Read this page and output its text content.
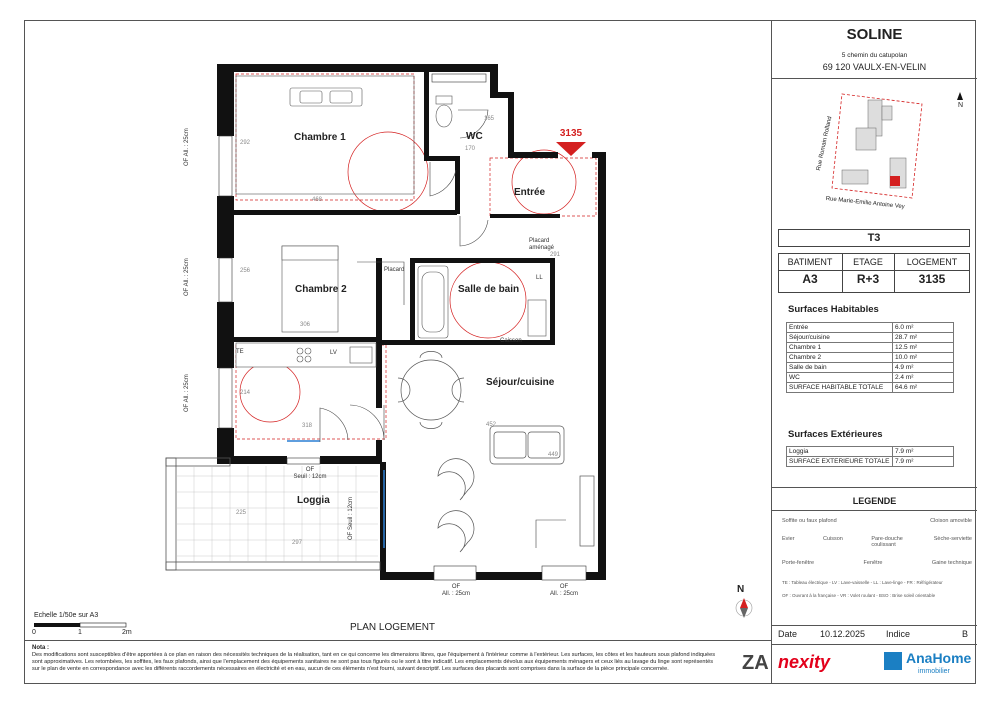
3135
Chambre 1	WC
Entrée
Chambre 2	Salle de bain
Séjour/cuisine
Loggia
Placard
Placard aménagé
Caisson
LL
LV
TE
OF All. : 25cm
OF All. : 25cm
OF All. : 25cm
OF
Seuil : 12cm
OF Seuil : 12cm
OF
All. : 25cm
OF
All. : 25cm
292
468
165
170
256
306
214
318	452
291
449
225
297
N
Echelle 1/50e sur A3
0	1	2m	PLAN LOGEMENT
Nota :
Des modifications sont susceptibles d'être apportées à ce plan en raison des nécessités techniques de la réalisation, tant en ce qui concerne les dimensions libres, que l'équipement à l'intérieur comme à l'extérieur. Les surfaces, les côtes et les hauteurs sous plafond indiquées sont approximatives. Les retombées, les soffites, les faux plafonds, ainsi que l'emplacement des équipements sanitaires ne sont pas tous figurés ou le sont à titre indicatif. Les emplacements dévolus aux équipements ménagers et ceux liés au lavage du linge sont représentés sur le plan de vente en correspondance avec les différents raccordements nécessaires en électricité et en eau, aucun de ces éléments n'est fourni, suivant descriptif. Les surfaces des placards sont comprises dans la surface de la pièce principale concernée.
SOLINE
5 chemin du catupolan
69 120 VAULX-EN-VELIN
Rue Romain Rolland
Rue Marie-Emilie Antoine Vey
N
T3
BATIMENT	ETAGE	LOGEMENT
A3	R+3	3135
Surfaces Habitables
Entrée	6.0 m²
Séjour/cuisine	28.7 m²
Chambre 1	12.5 m²
Chambre 2	10.0 m²
Salle de bain	4.9 m²
WC	2.4 m²
SURFACE HABITABLE TOTALE	64.6 m²
Surfaces Extérieures
Loggia	7.9 m²
SURFACE EXTERIEURE TOTALE	7.9 m²
LEGENDE
Soffite ou faux plafond	Cloison amovible
Evier	Cuisson	Pare-douche coulissant
Sèche-serviette
Porte-fenêtre	Fenêtre	Gaine technique
TE : Tableau électrique - LV : Lave-vaisselle - LL : Lave-linge - FR : Réfrigérateur
OF : Ouvrant à la française - VR : Volet roulant - BSO : Brise soleil orientable
Date	10.12.2025 Indice	B
ZA nexity	AnaHome
immobilier
